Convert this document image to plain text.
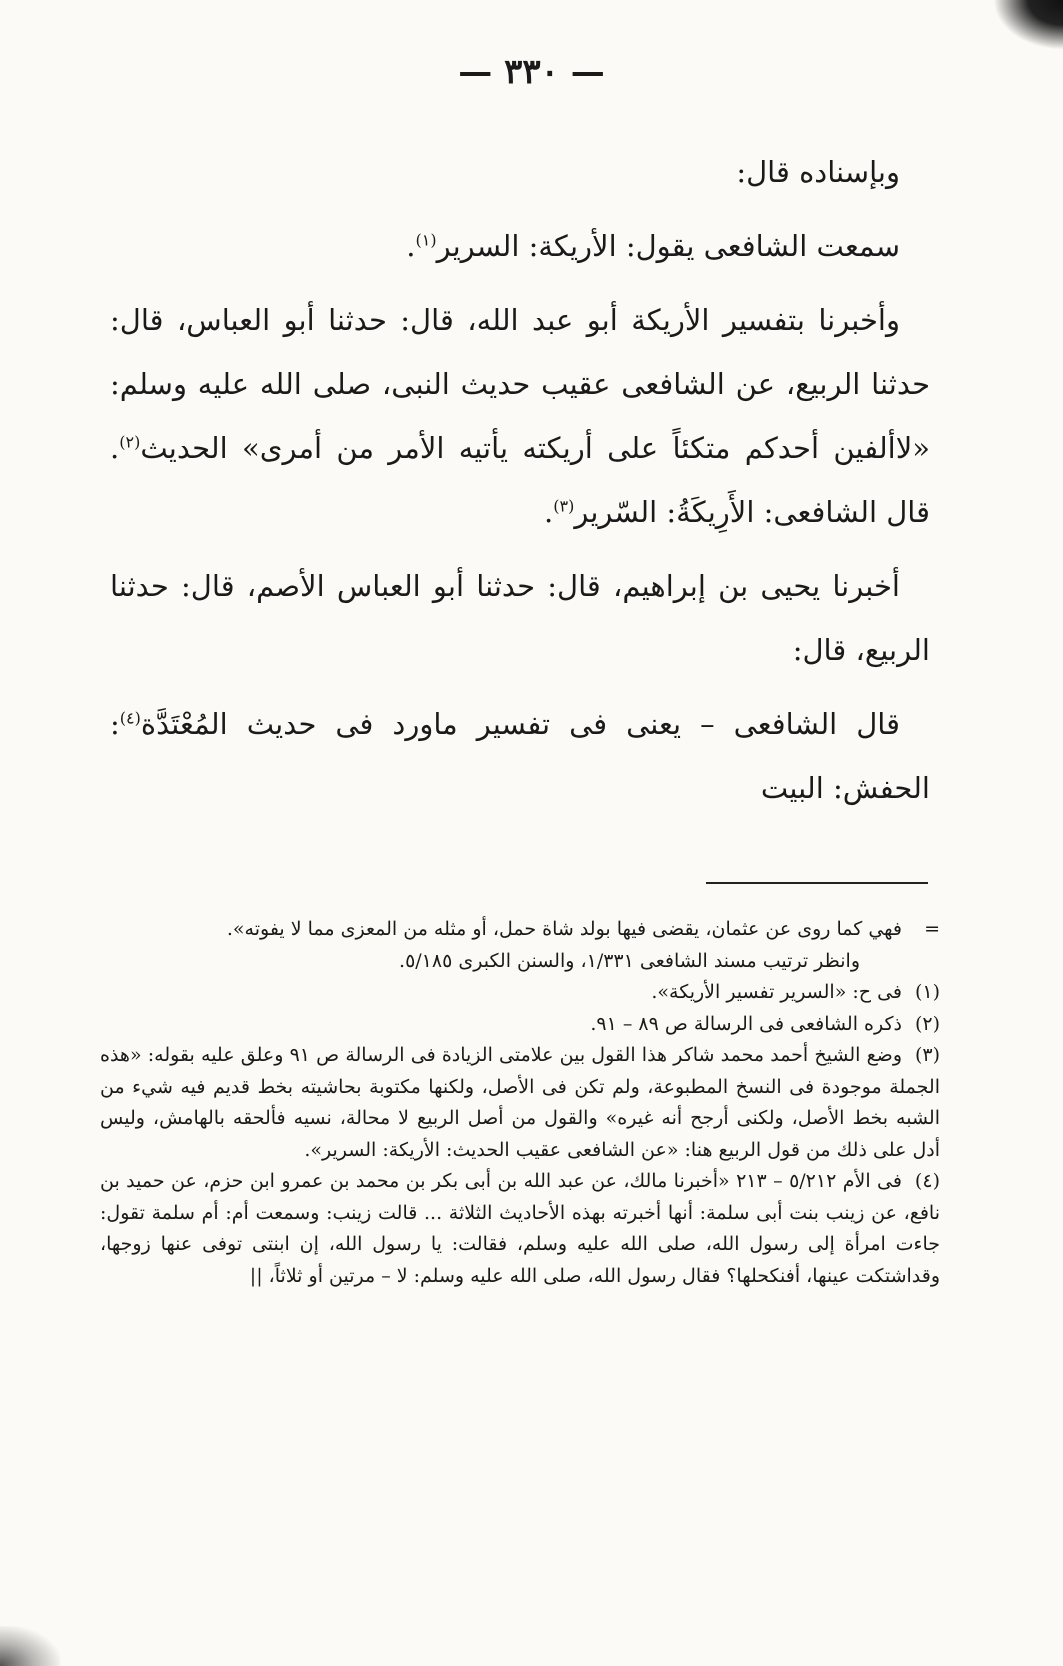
— ٣٣٠ —

وبإسناده قال:

سمعت الشافعى يقول: الأريكة: السرير$^{(١)}$.

وأخبرنا بتفسير الأريكة أبو عبد الله، قال: حدثنا أبو العباس، قال: حدثنا الربيع، عن الشافعى عقيب حديث النبى، صلى الله عليه وسلم: «لاألفين أحدكم متكئاً على أريكته يأتيه الأمر من أمرى» الحديث$^{(٢)}$. قال الشافعى: الأَرِيكَةُ: السّرير$^{(٣)}$.

أخبرنا يحيى بن إبراهيم، قال: حدثنا أبو العباس الأصم، قال: حدثنا الربيع، قال:

قال الشافعى – يعنى فى تفسير ماورد فى حديث المُعْتَدَّة$^{(٤)}$: الحفش: البيت

=فهي كما روى عن عثمان، يقضى فيها بولد شاة حمل، أو مثله من المعزى مما لا يفوته».

وانظر ترتيب مسند الشافعى ١/٣٣١، والسنن الكبرى ٥/١٨٥.

(١)فى ح: «السرير تفسير الأريكة».

(٢)ذكره الشافعى فى الرسالة ص ٨٩ – ٩١.

(٣)وضع الشيخ أحمد محمد شاكر هذا القول بين علامتى الزيادة فى الرسالة ص ٩١ وعلق عليه بقوله: «هذه الجملة موجودة فى النسخ المطبوعة، ولم تكن فى الأصل، ولكنها مكتوبة بحاشيته بخط قديم فيه شيء من الشبه بخط الأصل، ولكنى أرجح أنه غيره» والقول من أصل الربيع لا محالة، نسيه فألحقه بالهامش، وليس أدل على ذلك من قول الربيع هنا: «عن الشافعى عقيب الحديث: الأريكة: السرير».

(٤)فى الأم ٥/٢١٢ – ٢١٣ «أخبرنا مالك، عن عبد الله بن أبى بكر بن محمد بن عمرو ابن حزم، عن حميد بن نافع، عن زينب بنت أبى سلمة: أنها أخبرته بهذه الأحاديث الثلاثة ... قالت زينب: وسمعت أم: أم سلمة تقول: جاءت امرأة إلى رسول الله، صلى الله عليه وسلم، فقالت: يا رسول الله، إن ابنتى توفى عنها زوجها، وقداشتكت عينها، أفنكحلها؟ فقال رسول الله، صلى الله عليه وسلم: لا – مرتين أو ثلاثاً، ||
